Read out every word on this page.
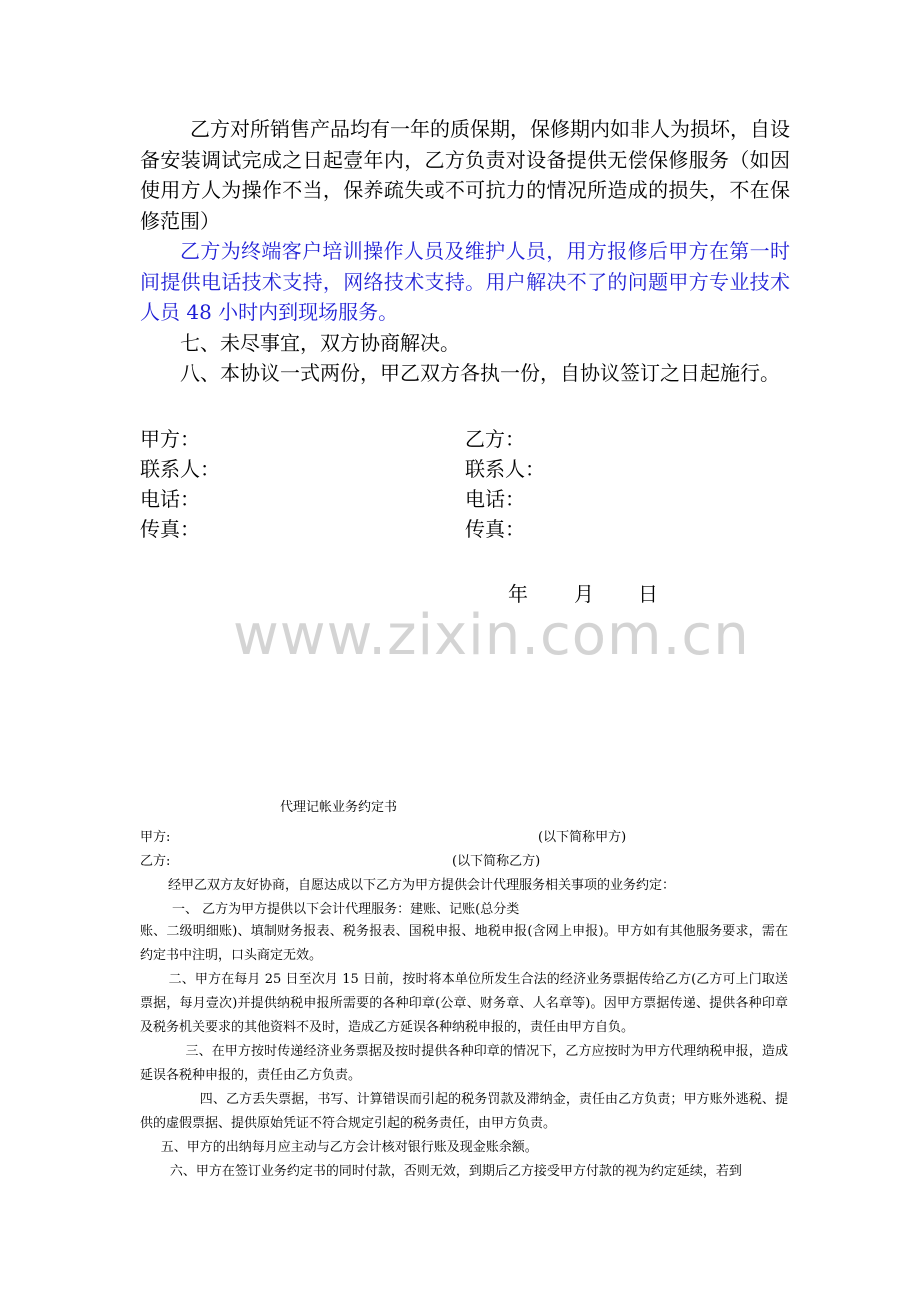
乙方对所销售产品均有一年的质保期，保修期内如非人为损坏，自设备安装调试完成之日起壹年内，乙方负责对设备提供无偿保修服务（如因使用方人为操作不当，保养疏失或不可抗力的情况所造成的损失，不在保修范围）

乙方为终端客户培训操作人员及维护人员，用方报修后甲方在第一时间提供电话技术支持，网络技术支持。用户解决不了的问题甲方专业技术人员 48 小时内到现场服务。

七、未尽事宜，双方协商解决。

八、本协议一式两份，甲乙双方各执一份，自协议签订之日起施行。

甲方：
联系人：
电话：
传真：
乙方：
联系人：
电话：
传真：
年 月 日
www.zixin.com.cn
代理记帐业务约定书
甲方:	(以下简称甲方)
乙方:	(以下简称乙方)
经甲乙双方友好协商，自愿达成以下乙方为甲方提供会计代理服务相关事项的业务约定：
一、 乙方为甲方提供以下会计代理服务：建账、记账(总分类

账、二级明细账)、填制财务报表、税务报表、国税申报、地税申报(含网上申报)。甲方如有其他服务要求，需在约定书中注明，口头商定无效。

二、甲方在每月 25 日至次月 15 日前，按时将本单位所发生合法的经济业务票据传给乙方(乙方可上门取送票据，每月壹次)并提供纳税申报所需要的各种印章(公章、财务章、人名章等)。因甲方票据传递、提供各种印章及税务机关要求的其他资料不及时，造成乙方延误各种纳税申报的，责任由甲方自负。

三、在甲方按时传递经济业务票据及按时提供各种印章的情况下，乙方应按时为甲方代理纳税申报，造成延误各税种申报的，责任由乙方负责。

四、乙方丢失票据，书写、计算错误而引起的税务罚款及滞纳金，责任由乙方负责；甲方账外逃税、提供的虚假票据、提供原始凭证不符合规定引起的税务责任，由甲方负责。

五、甲方的出纳每月应主动与乙方会计核对银行账及现金账余额。

六、甲方在签订业务约定书的同时付款，否则无效，到期后乙方接受甲方付款的视为约定延续，若到
